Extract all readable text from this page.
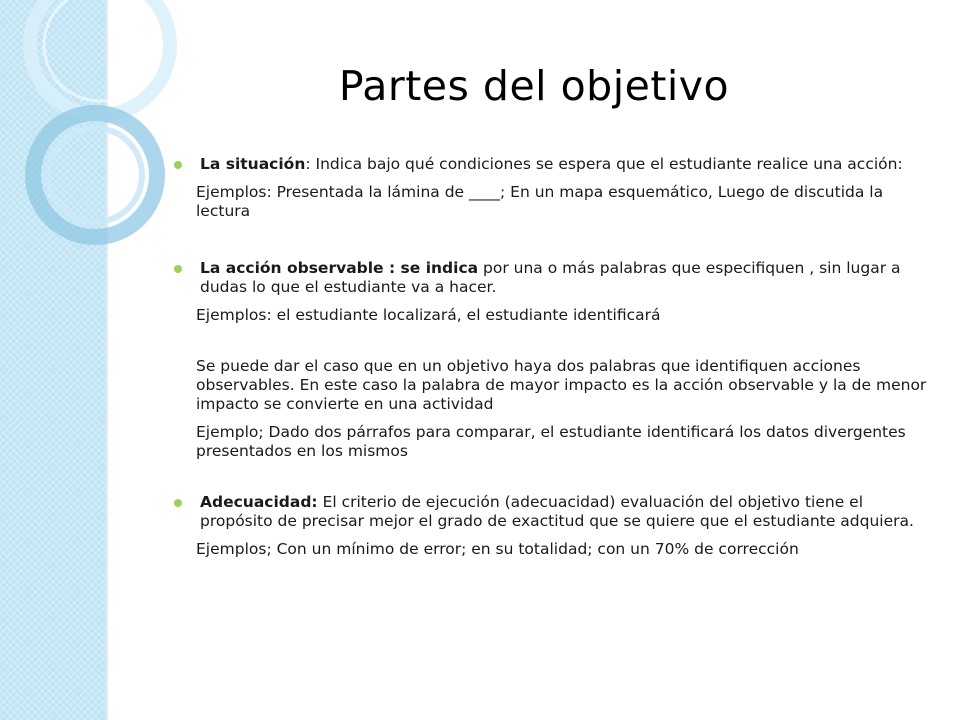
Partes del objetivo

La situación: Indica bajo qué condiciones se espera que el estudiante realice una acción:

Ejemplos: Presentada la lámina de ____; En un mapa esquemático, Luego de discutida la lectura

La acción observable : se indica por una o más palabras que especifiquen , sin lugar a dudas lo que el estudiante va a hacer.

Ejemplos: el estudiante localizará, el estudiante identificará

Se puede dar el caso que en un objetivo haya dos palabras que identifiquen acciones observables. En este caso la palabra de mayor impacto es la acción observable y la de menor impacto se convierte en una actividad

Ejemplo; Dado dos párrafos para comparar, el estudiante identificará los datos divergentes presentados en los mismos

Adecuacidad: El criterio de ejecución (adecuacidad) evaluación del objetivo tiene el propósito de precisar mejor el grado de exactitud que se quiere que el estudiante adquiera.

Ejemplos; Con un mínimo de error; en su totalidad; con un 70% de corrección
